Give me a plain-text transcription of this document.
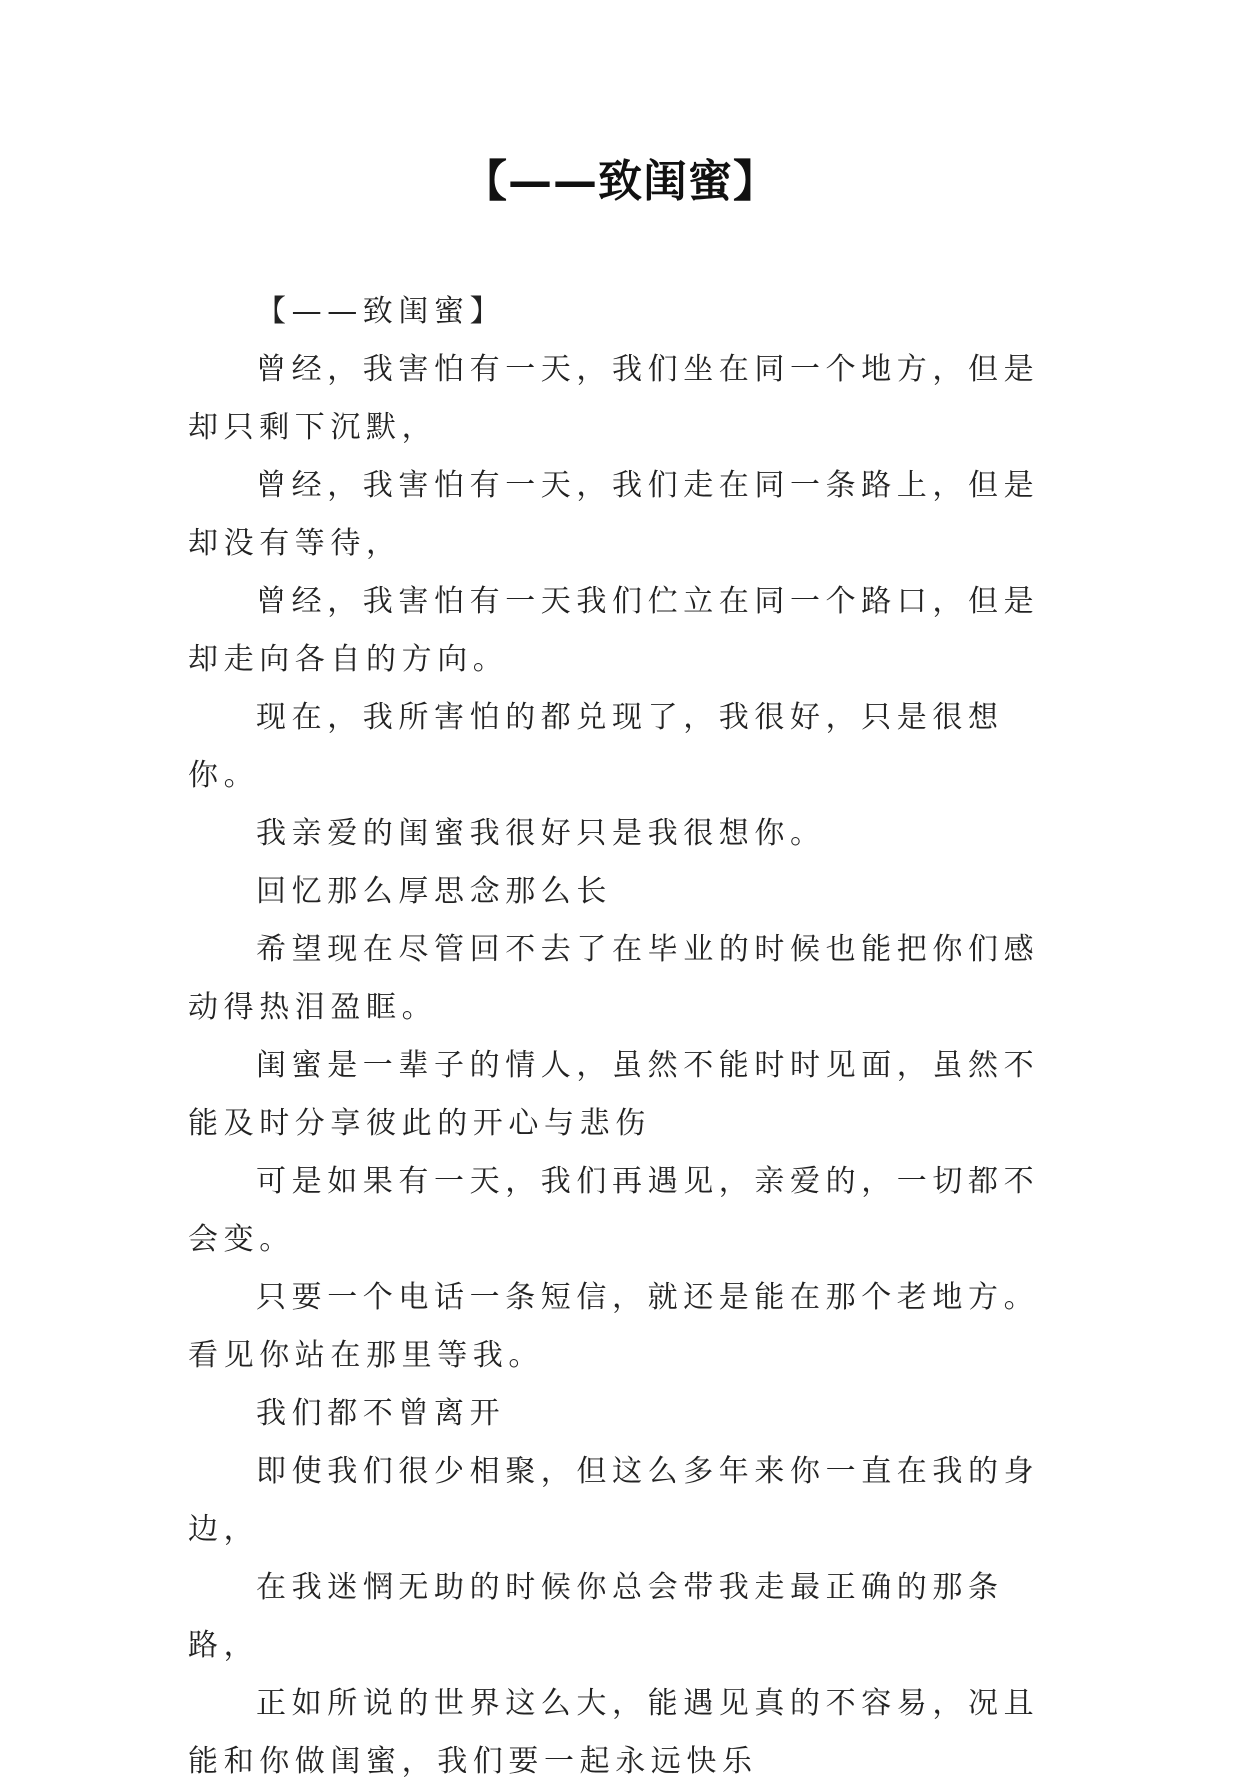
【——致闺蜜】

【——致闺蜜】

曾经，我害怕有一天，我们坐在同一个地方，但是却只剩下沉默，

曾经，我害怕有一天，我们走在同一条路上，但是却没有等待，

曾经，我害怕有一天我们伫立在同一个路口，但是却走向各自的方向。

现在，我所害怕的都兑现了，我很好，只是很想你。

我亲爱的闺蜜我很好只是我很想你。

回忆那么厚思念那么长

希望现在尽管回不去了在毕业的时候也能把你们感动得热泪盈眶。

闺蜜是一辈子的情人，虽然不能时时见面，虽然不能及时分享彼此的开心与悲伤

可是如果有一天，我们再遇见，亲爱的，一切都不会变。

只要一个电话一条短信，就还是能在那个老地方。看见你站在那里等我。

我们都不曾离开

即使我们很少相聚，但这么多年来你一直在我的身边，

在我迷惘无助的时候你总会带我走最正确的那条路，

正如所说的世界这么大，能遇见真的不容易，况且能和你做闺蜜，我们要一起永远快乐
